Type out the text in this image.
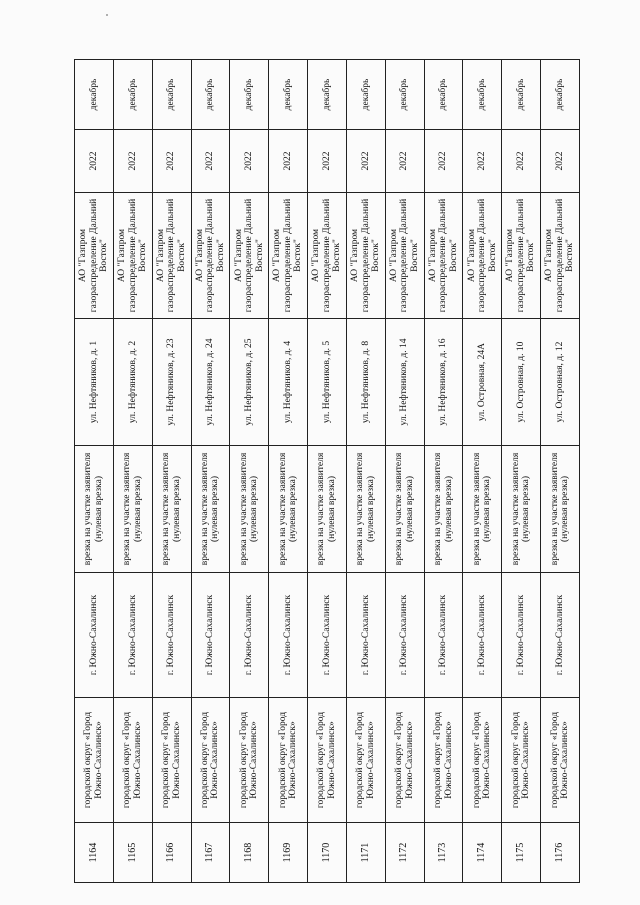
1164	городской округ «Город Южно-Сахалинск»	г. Южно-Сахалинск	врезка на участке заявителя (нулевая врезка)	ул. Нефтяников, д. 1	АО "Газпром газораспределение Дальний Восток"	2022	декабрь
1165	городской округ «Город Южно-Сахалинск»	г. Южно-Сахалинск	врезка на участке заявителя (нулевая врезка)	ул. Нефтяников, д. 2	АО "Газпром газораспределение Дальний Восток"	2022	декабрь
1166	городской округ «Город Южно-Сахалинск»	г. Южно-Сахалинск	врезка на участке заявителя (нулевая врезка)	ул. Нефтяников, д. 23	АО "Газпром газораспределение Дальний Восток"	2022	декабрь
1167	городской округ «Город Южно-Сахалинск»	г. Южно-Сахалинск	врезка на участке заявителя (нулевая врезка)	ул. Нефтяников, д. 24	АО "Газпром газораспределение Дальний Восток"	2022	декабрь
1168	городской округ «Город Южно-Сахалинск»	г. Южно-Сахалинск	врезка на участке заявителя (нулевая врезка)	ул. Нефтяников, д. 25	АО "Газпром газораспределение Дальний Восток"	2022	декабрь
1169	городской округ «Город Южно-Сахалинск»	г. Южно-Сахалинск	врезка на участке заявителя (нулевая врезка)	ул. Нефтяников, д. 4	АО "Газпром газораспределение Дальний Восток"	2022	декабрь
1170	городской округ «Город Южно-Сахалинск»	г. Южно-Сахалинск	врезка на участке заявителя (нулевая врезка)	ул. Нефтяников, д. 5	АО "Газпром газораспределение Дальний Восток"	2022	декабрь
1171	городской округ «Город Южно-Сахалинск»	г. Южно-Сахалинск	врезка на участке заявителя (нулевая врезка)	ул. Нефтяников, д. 8	АО "Газпром газораспределение Дальний Восток"	2022	декабрь
1172	городской округ «Город Южно-Сахалинск»	г. Южно-Сахалинск	врезка на участке заявителя (нулевая врезка)	ул. Нефтяников, д. 14	АО "Газпром газораспределение Дальний Восток"	2022	декабрь
1173	городской округ «Город Южно-Сахалинск»	г. Южно-Сахалинск	врезка на участке заявителя (нулевая врезка)	ул. Нефтяников, д. 16	АО "Газпром газораспределение Дальний Восток"	2022	декабрь
1174	городской округ «Город Южно-Сахалинск»	г. Южно-Сахалинск	врезка на участке заявителя (нулевая врезка)	ул. Островная, 24А	АО "Газпром газораспределение Дальний Восток"	2022	декабрь
1175	городской округ «Город Южно-Сахалинск»	г. Южно-Сахалинск	врезка на участке заявителя (нулевая врезка)	ул. Островная, д. 10	АО "Газпром газораспределение Дальний Восток"	2022	декабрь
1176	городской округ «Город Южно-Сахалинск»	г. Южно-Сахалинск	врезка на участке заявителя (нулевая врезка)	ул. Островная, д. 12	АО "Газпром газораспределение Дальний Восток"	2022	декабрь
